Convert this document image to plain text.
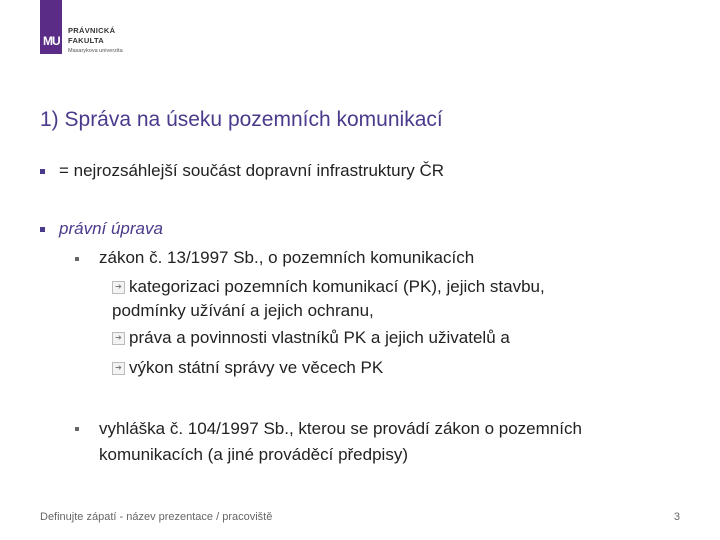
MU
PRÁVNICKÁ
FAKULTA
Masarykova univerzita
1) Správa na úseku pozemních komunikací
= nejrozsáhlejší součást dopravní infrastruktury ČR
právní úprava
zákon č. 13/1997 Sb., o pozemních komunikacích
➔ kategorizaci pozemních komunikací (PK), jejich stavbu,
podmínky užívání a jejich ochranu,
➔ práva a povinnosti vlastníků PK a jejich uživatelů a
➔ výkon státní správy ve věcech PK
vyhláška č. 104/1997 Sb., kterou se provádí zákon o pozemních
komunikacích (a jiné prováděcí předpisy)
Definujte zápatí - název prezentace / pracoviště	3
